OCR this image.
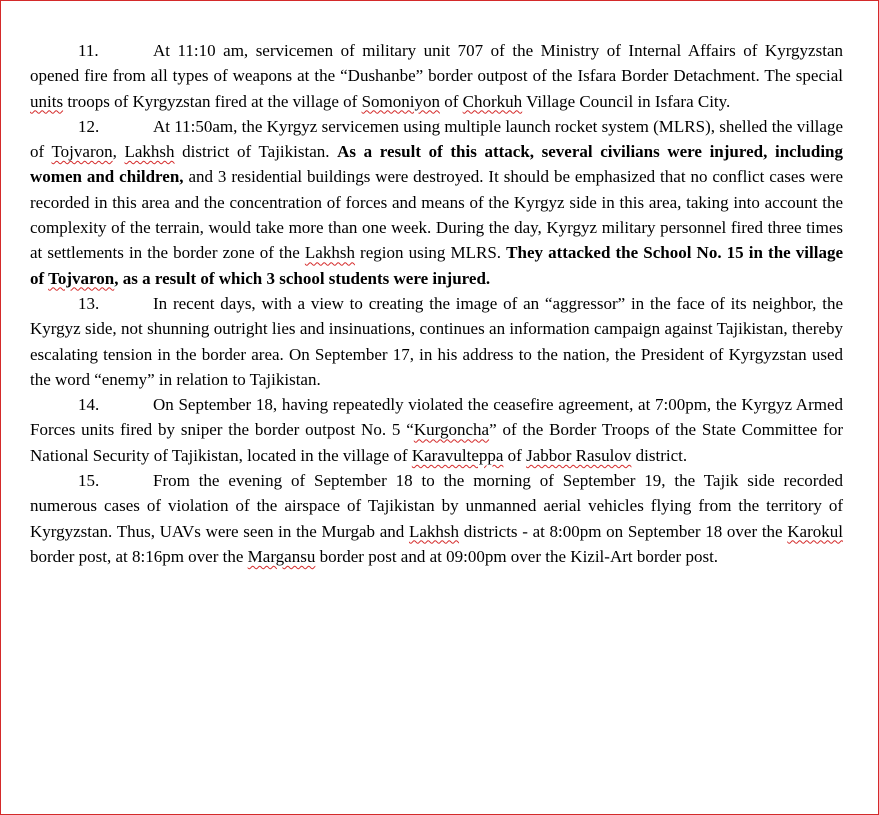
11.	At 11:10 am, servicemen of military unit 707 of the Ministry of Internal Affairs of Kyrgyzstan opened fire from all types of weapons at the “Dushanbe” border outpost of the Isfara Border Detachment. The special units troops of Kyrgyzstan fired at the village of Somoniyon of Chorkuh Village Council in Isfara City.

12.	At 11:50am, the Kyrgyz servicemen using multiple launch rocket system (MLRS), shelled the village of Tojvaron, Lakhsh district of Tajikistan. As a result of this attack, several civilians were injured, including women and children, and 3 residential buildings were destroyed. It should be emphasized that no conflict cases were recorded in this area and the concentration of forces and means of the Kyrgyz side in this area, taking into account the complexity of the terrain, would take more than one week. During the day, Kyrgyz military personnel fired three times at settlements in the border zone of the Lakhsh region using MLRS. They attacked the School No. 15 in the village of Tojvaron, as a result of which 3 school students were injured.

13.	In recent days, with a view to creating the image of an “aggressor” in the face of its neighbor, the Kyrgyz side, not shunning outright lies and insinuations, continues an information campaign against Tajikistan, thereby escalating tension in the border area. On September 17, in his address to the nation, the President of Kyrgyzstan used the word “enemy” in relation to Tajikistan.

14.	On September 18, having repeatedly violated the ceasefire agreement, at 7:00pm, the Kyrgyz Armed Forces units fired by sniper the border outpost No. 5 “Kurgoncha” of the Border Troops of the State Committee for National Security of Tajikistan, located in the village of Karavulteppa of Jabbor Rasulov district.

15.	From the evening of September 18 to the morning of September 19, the Tajik side recorded numerous cases of violation of the airspace of Tajikistan by unmanned aerial vehicles flying from the territory of Kyrgyzstan. Thus, UAVs were seen in the Murgab and Lakhsh districts - at 8:00pm on September 18 over the Karokul border post, at 8:16pm over the Margansu border post and at 09:00pm over the Kizil-Art border post.
